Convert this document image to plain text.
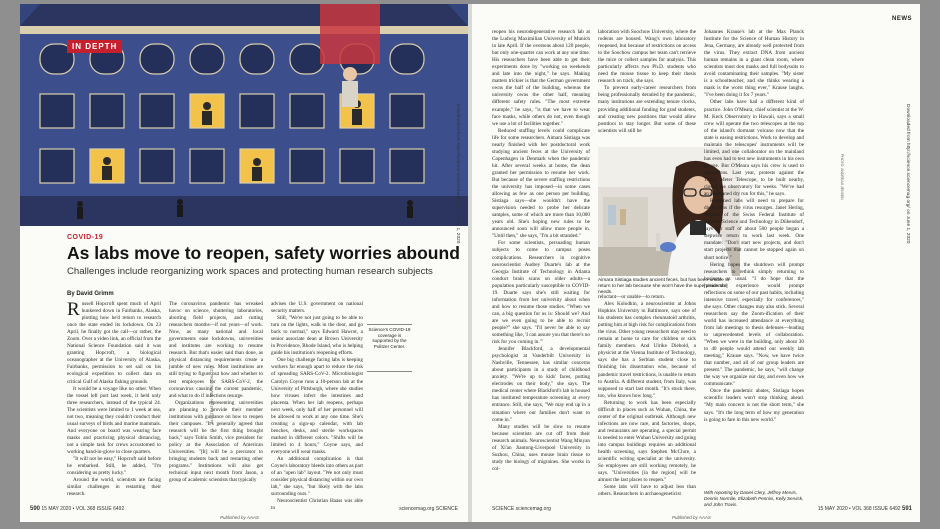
IN DEPTH
COVID-19
As labs move to reopen, safety worries abound

Challenges include reorganizing work spaces and protecting human research subjects

By David Grimm

Russell Hopcroft spent much of April hunkered down in Fairbanks, Alaska, plotting how he'd return to research once the state ended its lockdown. On 23 April, he finally got the call—or rather, the Zoom. Over a video link, an official from the National Science Foundation said it was granting Hopcroft, a biological oceanographer at the University of Alaska, Fairbanks, permission to set sail on his ecological expedition to collect data on critical Gulf of Alaska fishing grounds.

It would be a voyage like no other. When the vessel left port last week, it held only three researchers, instead of the typical 24. The scientists were limited to 1 week at sea, not two, meaning they couldn't conduct their usual surveys of birds and marine mammals. And everyone on board was wearing face masks and practicing physical distancing, not a simple task for crews accustomed to working hand-in-glove in close quarters.

"It will not be easy," Hopcroft said before he embarked. Still, he added, "I'm considering us pretty lucky."

Around the world, scientists are facing similar challenges in restarting their research.

The coronavirus pandemic has wreaked havoc on science, shuttering laboratories, aborting field projects, and cutting researchers months—if not years—of work. Now, as many national and local governments ease lockdowns, universities and institutes are working to resume research. But that's easier said than done, as physical distancing requirements create a jumble of new rules. Most institutions are still trying to figure out how and whether to test employees for SARS-CoV-2, the coronavirus causing the current pandemic, and what to do if infections resurge.

Organizations representing universities are planning to provide their member institutions with guidance on how to reopen their campuses. "It's generally agreed that research will be the first thing brought back," says Tobin Smith, vice president for policy at the Association of American Universities. "[It] will be a precursor to bringing students back and restarting other programs." Institutions will also get technical input next month from Jason, a group of academic scientists that typically

advises the U.S. government on national security matters.

Still, "We're not just going to be able to turn on the lights, walk in the door, and go back to normal," says Edward Hawrot, a senior associate dean at Brown University in Providence, Rhode Island, who is helping guide his institution's reopening efforts.

One big challenge facing labs is keeping workers far enough apart to reduce the risk of spreading SARS-CoV-2. Microbiologist Carolyn Coyne runs a 10-person lab at the University of Pittsburgh, where she studies how viruses infect the intestines and placenta. When her lab reopens, perhaps next week, only half of her personnel will be allowed to work at any one time. She's creating a sign-up calendar, with lab benches, desks, and sterile workspaces marked in different colors. "Shifts will be limited to 4 hours," Coyne says, and everyone will wear masks.

An additional complication is that Coyne's laboratory bleeds into others as part of an "open lab" layout. "We not only must consider physical distancing within our own lab," she says, "but likely with the labs surrounding ours."

Neuroscientist Christian Haass was able to

Science's COVID-19 coverage is supported by the Pulitzer Center.
ILLUSTRATION: DAVIDE BONAZZI
590 15 MAY 2020 • VOL 368 ISSUE 6492	sciencemag.org SCIENCE
Published by AAAS
Downloaded from http://science.sciencemag.org/ on June 1, 2020
NEWS

reopen his neurodegenerative research lab at the Ludwig Maximilian University of Munich in late April. If the overseas about 120 people, but only one-quarter can work at any one time. His researchers have been able to get their experiments done by "working on weekends and late into the night," he says. Making matters trickier is that the German government owns the half of the building, whereas the university owns the other half, meaning different safety rules. "The most extreme example," he says, "is that we have to wear face masks, while others do not, even though we use a lot of facilities together."

Reduced staffing levels could complicate life for some researchers. Aimara Sistiaga was nearly finished with her postdoctoral work studying ancient feces at the University of Copenhagen in Denmark when the pandemic hit. After several weeks at home, the dean granted her permission to resume her work. But because of the severe staffing restrictions the university has imposed—in some cases allowing as few as one person per building, Sistiaga says—she wouldn't have the supervision needed to probe her delicate samples, some of which are more than 10,000 years old. She's hoping new rules to be announced soon will allow more people in. "Until then," she says, "I'm a bit stranded."

For some scientists, persuading human subjects to come to campus poses complications. Researchers in cognitive neuroscientist Audrey Duarte's lab at the Georgia Institute of Technology in Atlanta conduct brain scans on older adults—a population particularly susceptible to COVID-19. Duarte says she's still waiting for information from her university about when and how to resume those studies. "When we can, a big question for us is: Should we? And are we even going to be able to recruit people?" she says. "I'll never be able to say something like, 'I can assure you that there's no risk for you coming in.'"

Jennifer Blackford, a developmental psychologist at Vanderbilt University in Nashville, Tennessee, has similar concerns about participants in a study of childhood anxiety. "We're up to kids' faces, putting electrodes on their body," she says. The medical center where Blackford's lab is housed has instituted temperature screening at every entrance. Still, she says, "We may end up in a situation where our families don't want to come in."

Many studies will be slow to resume because scientists are cut off from their research animals. Neuroscientist Wang Minyan of Xi'an Jiaotong-Liverpool University in Suzhou, China, uses mouse brain tissue to study the biology of migraines. She works in col-

laboration with Soochow University, where the rodents are housed. Wang's own laboratory reopened, but because of restrictions on access to the Soochow campus her team can't retrieve the mice or collect samples for analysis. This particularly affects two Ph.D. students who need the mouse tissue to keep their thesis research on track, she says.

To prevent early-career researchers from being professionally derailed by the pandemic, many institutions are extending tenure clocks, providing additional funding for grad students, and creating new positions that would allow postdocs to stay longer. But some of these scientists will still be

Aimara Sistiaga studies ancient feces, but has been unable to return to her lab because she won't have the supervision she needs.

reluctant—or unable—to return.

Alex Kolodkin, a neuroscientist at Johns Hopkins University in Baltimore, says one of his students has complex rheumatoid arthritis, putting him at high risk for complications from the virus. Other young researchers may need to remain at home to care for children or sick family members. And Ulrike Diebold, a physicist at the Vienna Institute of Technology, says she has a Serbian student close to finishing his dissertation who, because of pandemic travel restrictions, is unable to return to Austria. A different student, from Italy, was supposed to start last month. "It's stuck there, too, who knows how long."

Returning to work has been especially difficult in places such as Wuhan, China, the center of the original outbreak. Although new infections are now rare, and factories, shops, and restaurants are operating, a special permit is needed to enter Wuhan University and going into campus buildings requires an additional health screening, says Stephen McClure, a scientific writing specialist at the university. So employees are still working remotely, he says. "Universities [in the region] will be almost the last places to reopen."

Some labs will have to adjust less than others. Researchers in archaeogeneticist

Johannes Krause's lab at the Max Planck Institute for the Science of Human History in Jena, Germany, are already well protected from the virus. They extract DNA from ancient human remains in a giant clean room, where scientists must don masks and full bodysuits to avoid contaminating their samples. "My sister is a schoolteacher, and she thinks wearing a mask is the worst thing ever," Krause laughs. "I've been doing it for 7 years."

Other labs have had a different kind of practice. John O'Meara, chief scientist at the W. M. Keck Observatory in Hawaii, says a small crew will operate the two telescopes at the top of the island's dormant volcano now that the state is easing restrictions. Work to develop and maintain the telescopes' instruments will be limited, and one collaborator on the mainland has even had to test new instruments in his own garage. But O'Meara says his crew is used to disruptions. Last year, protests against the Thirty Meter Telescope, to be built nearby, closed the observatory for weeks. "We've had an unplanned dry run for this," he says.

Reopened labs will need to prepare for disruptions if the virus resurges. Janet Hering, director of the Swiss Federal Institute of Aquatic Science and Technology in Dübendorf, says her staff of about 500 people began a stepwise return to work last week. One mandate: "Don't start new projects, and don't start projects that cannot be stopped again on short notice."

Hering hopes the shutdown will prompt researchers to rethink simply returning to business as usual. "I do hope that the [pandemic] experience would prompt reflections on some of our past habits, including intensive travel, especially for conferences," she says. Other changes may also stick. Several researchers say the Zoom-ification of their world has increased attendance at everything from lab meetings to thesis defenses—leading to unprecedented levels of collaboration. "When we were in the building, only about 30 to 40 people would attend our weekly lab meeting," Krause says. "Now, we have twice that number, and all of our group leaders are present." The pandemic, he says, "will change the way we organize our day, and even how we communicate."

Once the pandemic abates, Sistiaga hopes scientific leaders won't stop thinking ahead. "My main concern is not the short term," she says. "It's the long term of how my generation is going to fare in this new world."

With reporting by Daniel Clery, Jeffrey Mervis, Dennis Normile, Elizabeth Pennisi, Kelly Servick, and John Travis.
SCIENCE sciencemag.org	15 MAY 2020 • VOL 368 ISSUE 6492 591
Published by AAAS
Downloaded from http://science.sciencemag.org/ on June 1, 2020
PHOTO: ANDREAS JENSEN
